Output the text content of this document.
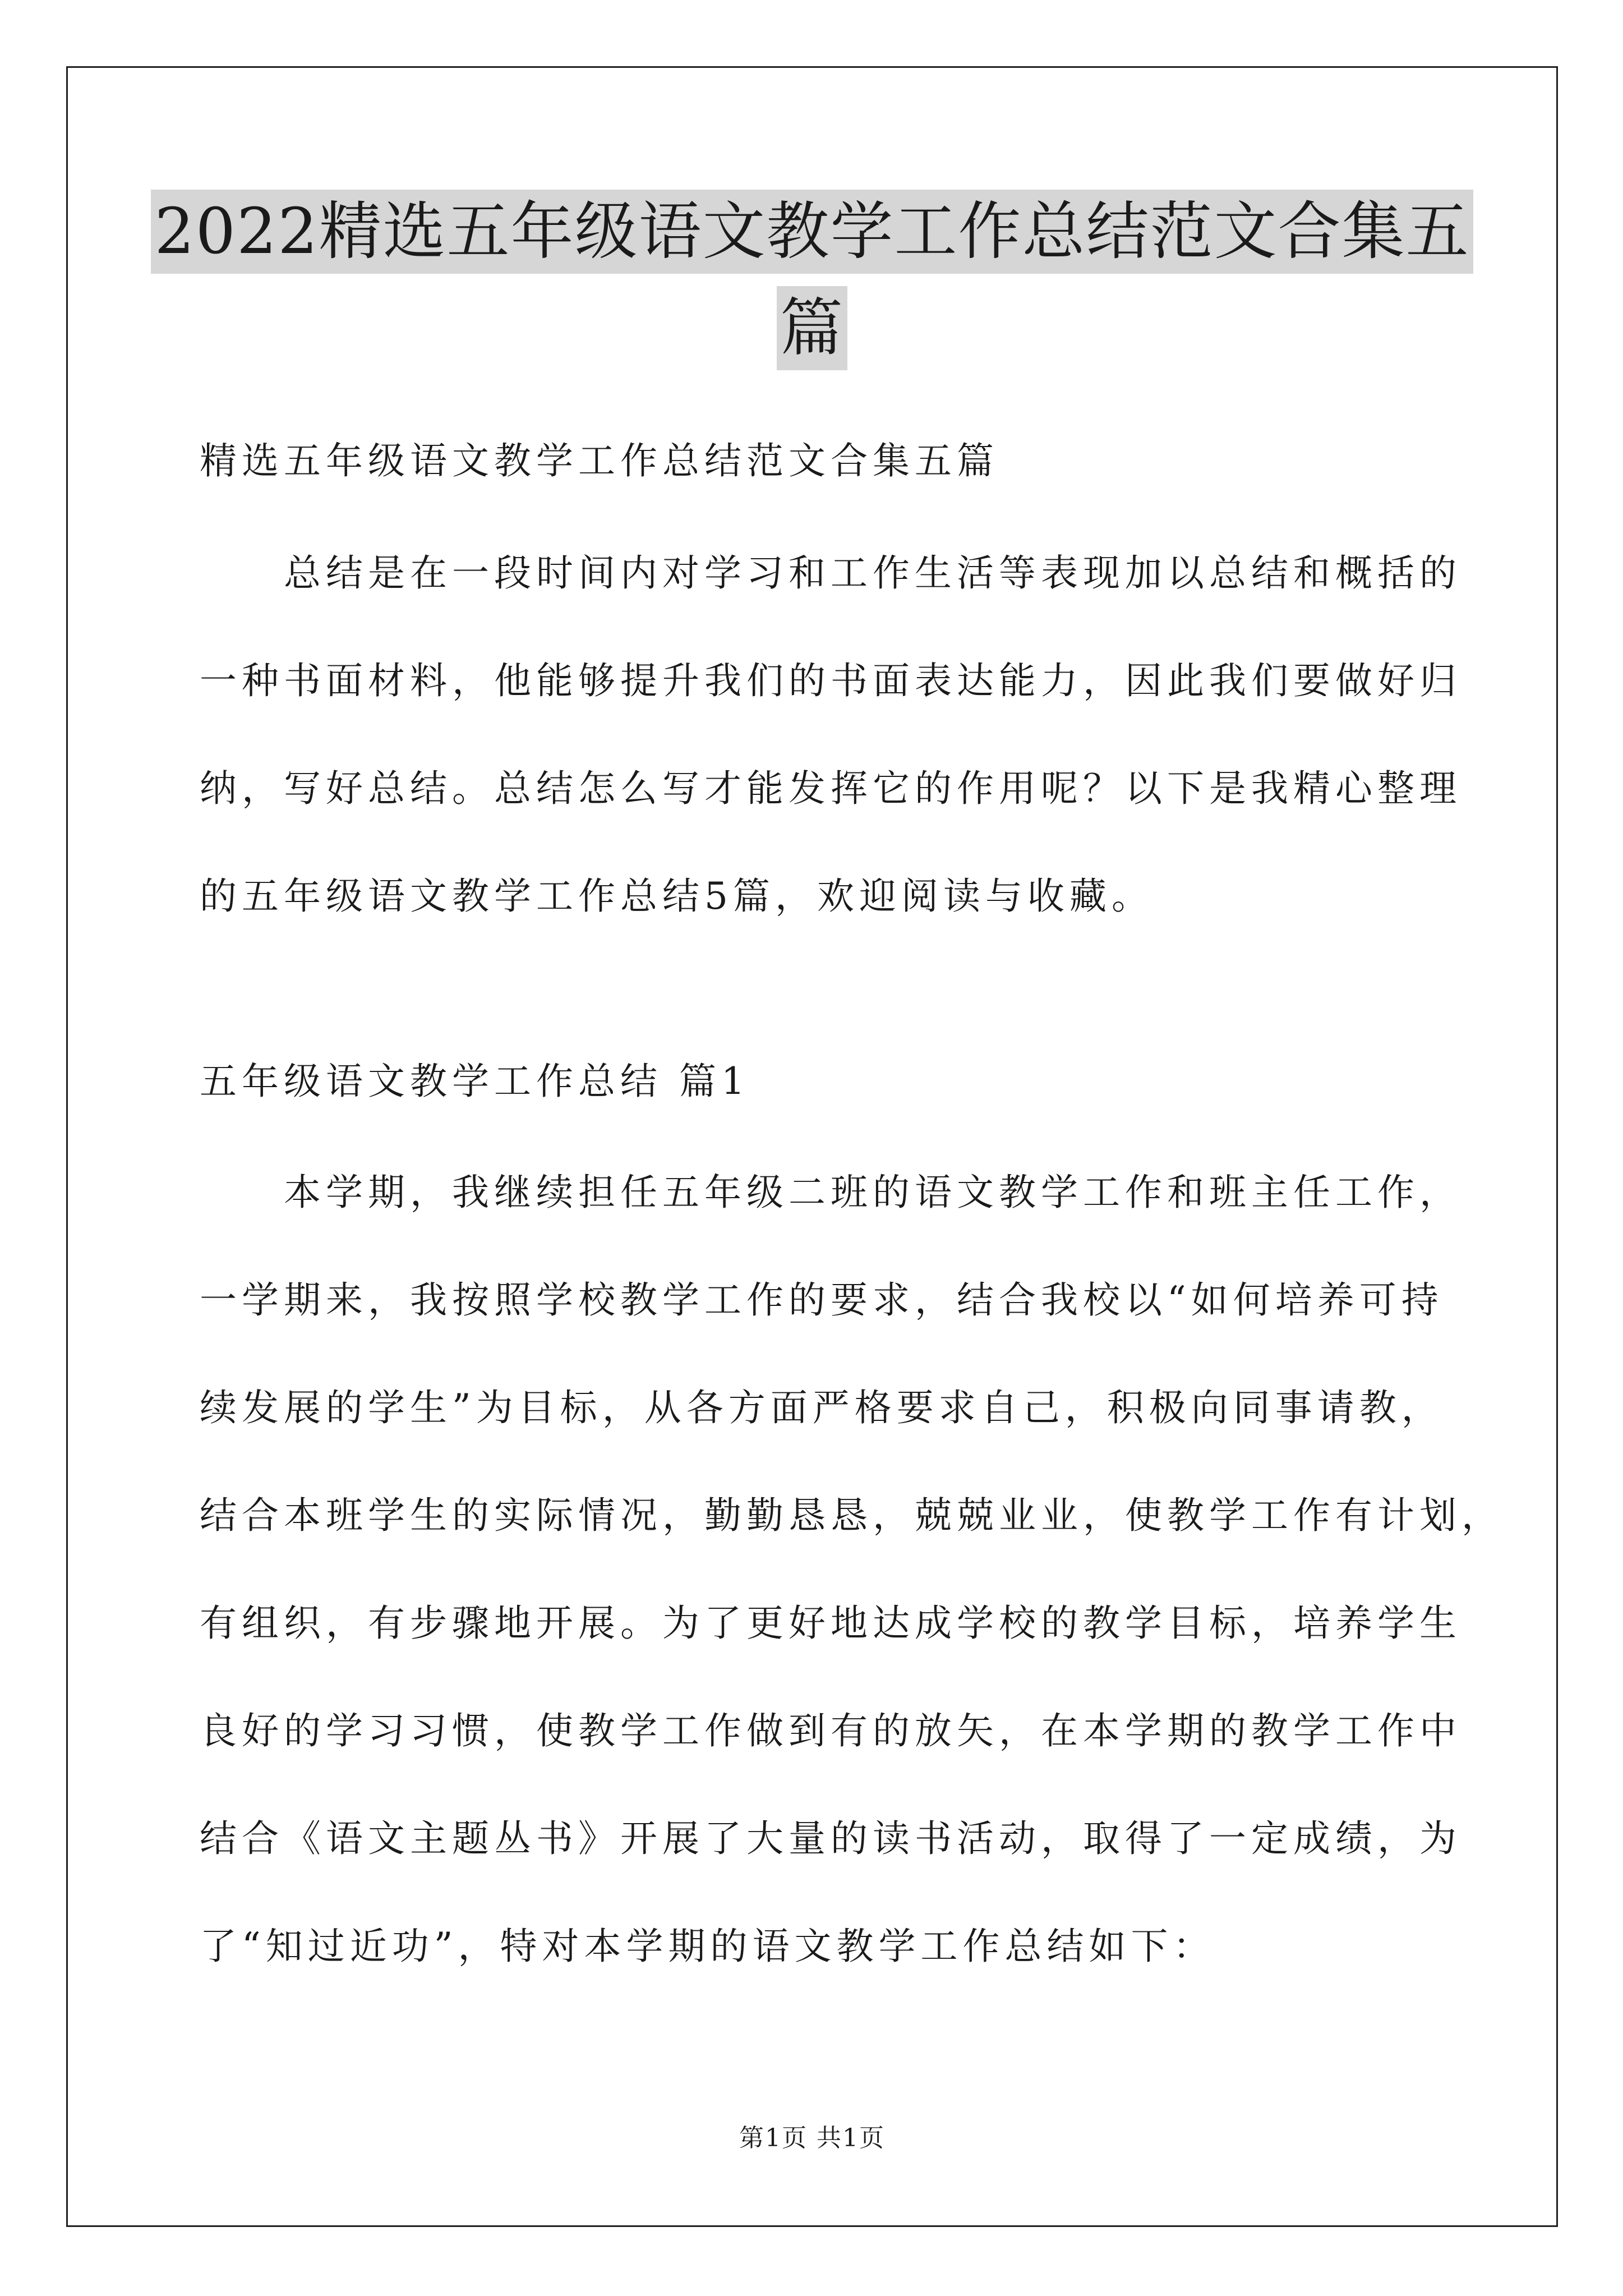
2022精选五年级语文教学工作总结范文合集五
篇
精选五年级语文教学工作总结范文合集五篇
总结是在一段时间内对学习和工作生活等表现加以总结和概括的
一种书面材料，他能够提升我们的书面表达能力，因此我们要做好归
纳，写好总结。总结怎么写才能发挥它的作用呢？以下是我精心整理
的五年级语文教学工作总结5篇，欢迎阅读与收藏。
五年级语文教学工作总结 篇1
本学期，我继续担任五年级二班的语文教学工作和班主任工作，
一学期来，我按照学校教学工作的要求，结合我校以“如何培养可持
续发展的学生”为目标，从各方面严格要求自己，积极向同事请教，
结合本班学生的实际情况，勤勤恳恳，兢兢业业，使教学工作有计划，
有组织，有步骤地开展。为了更好地达成学校的教学目标，培养学生
良好的学习习惯，使教学工作做到有的放矢，在本学期的教学工作中
结合《语文主题丛书》开展了大量的读书活动，取得了一定成绩，为
了“知过近功”，特对本学期的语文教学工作总结如下：
第1页 共1页
